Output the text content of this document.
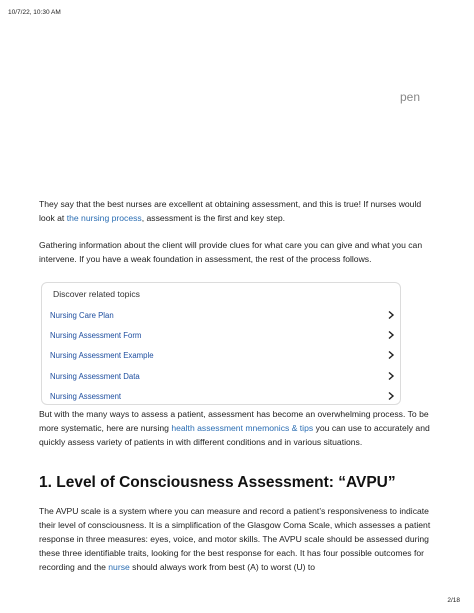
10/7/22, 10:30 AM
pen

They say that the best nurses are excellent at obtaining assessment, and this is true! If nurses would look at the nursing process, assessment is the first and key step.

Gathering information about the client will provide clues for what care you can give and what you can intervene. If you have a weak foundation in assessment, the rest of the process follows.

Discover related topics
Nursing Care Plan
Nursing Assessment Form
Nursing Assessment Example
Nursing Assessment Data
Nursing Assessment

But with the many ways to assess a patient, assessment has become an overwhelming process. To be more systematic, here are nursing health assessment mnemonics & tips you can use to accurately and quickly assess variety of patients in with different conditions and in various situations.

1. Level of Consciousness Assessment: “AVPU”

The AVPU scale is a system where you can measure and record a patient’s responsiveness to indicate their level of consciousness. It is a simplification of the Glasgow Coma Scale, which assesses a patient response in three measures: eyes, voice, and motor skills. The AVPU scale should be assessed during these three identifiable traits, looking for the best response for each. It has four possible outcomes for recording and the nurse should always work from best (A) to worst (U) to

2/18
